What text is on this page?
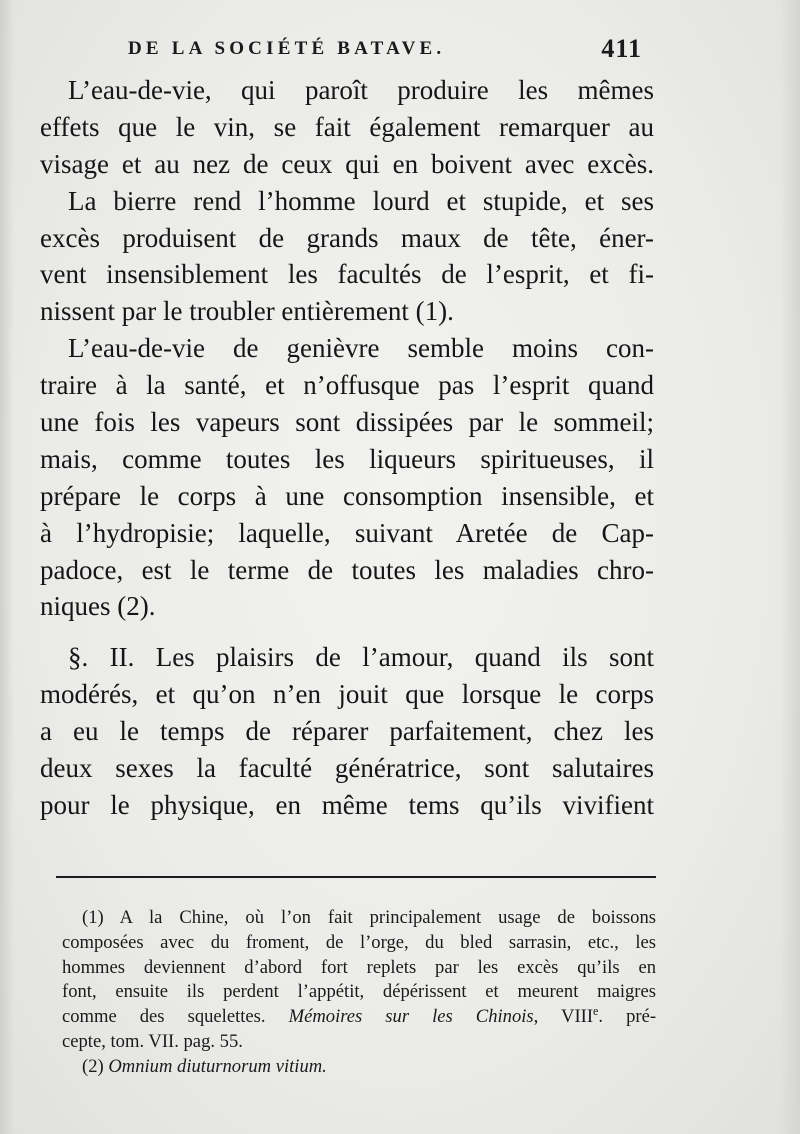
DE LA SOCIÉTÉ BATAVE.	411
L’eau-de-vie, qui paroît produire les mêmes
effets que le vin, se fait également remarquer au
visage et au nez de ceux qui en boivent avec excès.
La bierre rend l’homme lourd et stupide, et ses
excès produisent de grands maux de tête, éner-
vent insensiblement les facultés de l’esprit, et fi-
nissent par le troubler entièrement (1).
L’eau-de-vie de genièvre semble moins con-
traire à la santé, et n’offusque pas l’esprit quand
une fois les vapeurs sont dissipées par le sommeil;
mais, comme toutes les liqueurs spiritueuses, il
prépare le corps à une consomption insensible, et
à l’hydropisie; laquelle, suivant Aretée de Cap-
padoce, est le terme de toutes les maladies chro-
niques (2).
§. II. Les plaisirs de l’amour, quand ils sont
modérés, et qu’on n’en jouit que lorsque le corps
a eu le temps de réparer parfaitement, chez les
deux sexes la faculté génératrice, sont salutaires
pour le physique, en même tems qu’ils vivifient
(1) A la Chine, où l’on fait principalement usage de boissons
composées avec du froment, de l’orge, du bled sarrasin, etc., les
hommes deviennent d’abord fort replets par les excès qu’ils en
font, ensuite ils perdent l’appétit, dépérissent et meurent maigres
comme des squelettes. Mémoires sur les Chinois, VIIIe. pré-
cepte, tom. VII. pag. 55.
(2) Omnium diuturnorum vitium.
